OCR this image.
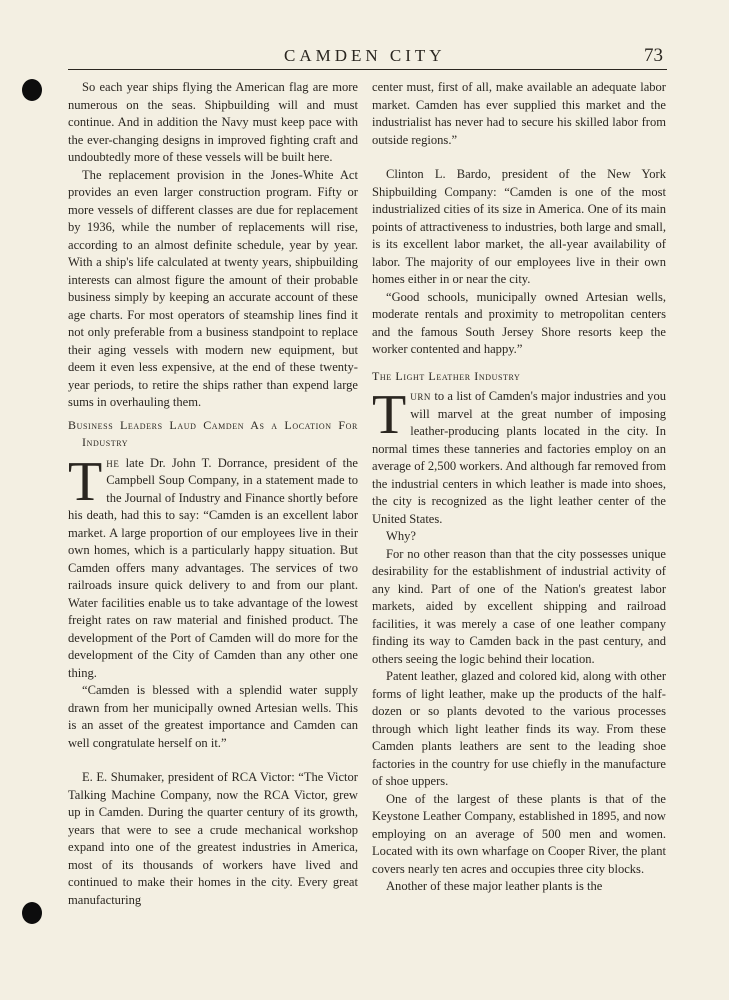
CAMDEN CITY	73

So each year ships flying the American flag are more numerous on the seas. Shipbuilding will and must continue. And in addition the Navy must keep pace with the ever-changing designs in improved fighting craft and undoubtedly more of these vessels will be built here.

The replacement provision in the Jones-White Act provides an even larger construction program. Fifty or more vessels of different classes are due for replacement by 1936, while the number of replacements will rise, according to an almost definite schedule, year by year. With a ship's life calculated at twenty years, shipbuilding interests can almost figure the amount of their probable business simply by keeping an accurate account of these age charts. For most operators of steamship lines find it not only preferable from a business standpoint to replace their aging vessels with modern new equipment, but deem it even less expensive, at the end of these twenty-year periods, to retire the ships rather than expend large sums in overhauling them.

Business Leaders Laud Camden As a Location For Industry

The late Dr. John T. Dorrance, president of the Campbell Soup Company, in a statement made to the Journal of Industry and Finance shortly before his death, had this to say: “Camden is an excellent labor market. A large proportion of our employees live in their own homes, which is a particularly happy situation. But Camden offers many advantages. The services of two railroads insure quick delivery to and from our plant. Water facilities enable us to take advantage of the lowest freight rates on raw material and finished product. The development of the Port of Camden will do more for the development of the City of Camden than any other one thing.

“Camden is blessed with a splendid water supply drawn from her municipally owned Artesian wells. This is an asset of the greatest importance and Camden can well congratulate herself on it.”

E. E. Shumaker, president of RCA Victor: “The Victor Talking Machine Company, now the RCA Victor, grew up in Camden. During the quarter century of its growth, years that were to see a crude mechanical workshop expand into one of the greatest industries in America, most of its thousands of workers have lived and continued to make their homes in the city. Every great manufacturing

center must, first of all, make available an adequate labor market. Camden has ever supplied this market and the industrialist has never had to secure his skilled labor from outside regions.”

Clinton L. Bardo, president of the New York Shipbuilding Company: “Camden is one of the most industrialized cities of its size in America. One of its main points of attractiveness to industries, both large and small, is its excellent labor market, the all-year availability of labor. The majority of our employees live in their own homes either in or near the city.

“Good schools, municipally owned Artesian wells, moderate rentals and proximity to metropolitan centers and the famous South Jersey Shore resorts keep the worker contented and happy.”

The Light Leather Industry

Turn to a list of Camden's major industries and you will marvel at the great number of imposing leather-producing plants located in the city. In normal times these tanneries and factories employ on an average of 2,500 workers. And although far removed from the industrial centers in which leather is made into shoes, the city is recognized as the light leather center of the United States.

Why?

For no other reason than that the city possesses unique desirability for the establishment of industrial activity of any kind. Part of one of the Nation's greatest labor markets, aided by excellent shipping and railroad facilities, it was merely a case of one leather company finding its way to Camden back in the past century, and others seeing the logic behind their location.

Patent leather, glazed and colored kid, along with other forms of light leather, make up the products of the half-dozen or so plants devoted to the various processes through which light leather finds its way. From these Camden plants leathers are sent to the leading shoe factories in the country for use chiefly in the manufacture of shoe uppers.

One of the largest of these plants is that of the Keystone Leather Company, established in 1895, and now employing on an average of 500 men and women. Located with its own wharfage on Cooper River, the plant covers nearly ten acres and occupies three city blocks.

Another of these major leather plants is the
